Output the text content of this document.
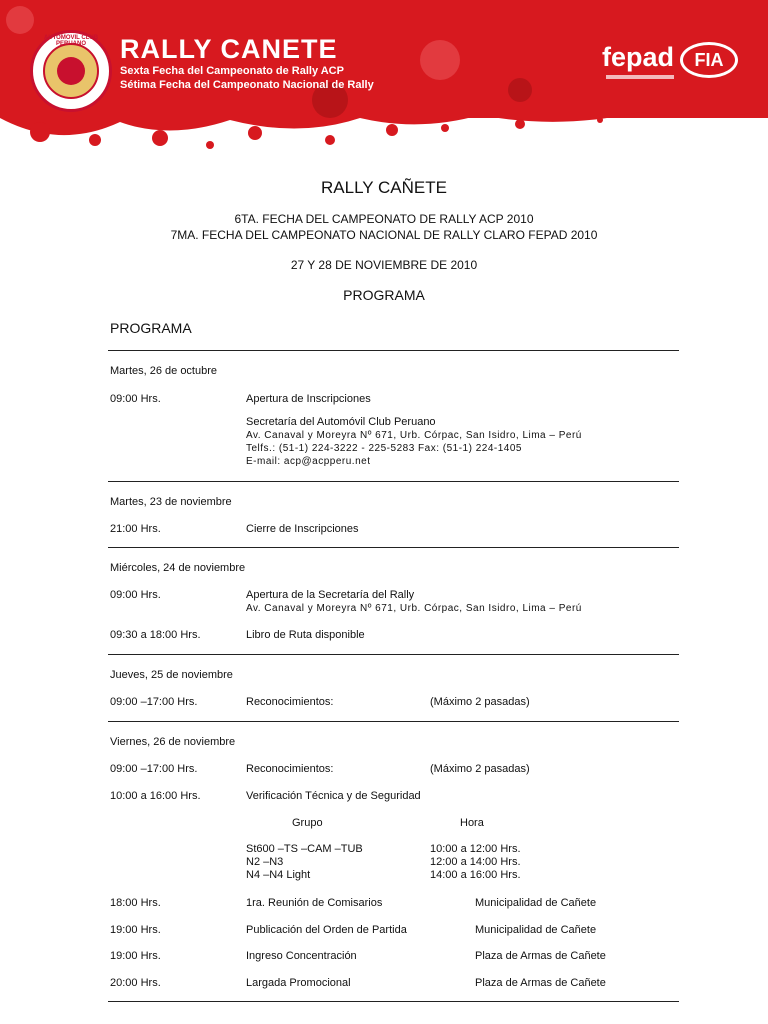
AUTOMOVIL CLUB PERUANO	RALLY CANETE
Sexta Fecha del Campeonato de Rally ACP
Sétima Fecha del Campeonato Nacional de Rally
fepad	FIA
RALLY CAÑETE
6TA. FECHA DEL CAMPEONATO DE RALLY ACP 2010
7MA. FECHA DEL CAMPEONATO NACIONAL DE RALLY CLARO FEPAD 2010
27 Y 28 DE NOVIEMBRE DE 2010
PROGRAMA
PROGRAMA
Martes, 26 de octubre
09:00 Hrs.	Apertura de Inscripciones
Secretaría del Automóvil Club Peruano
Av. Canaval y Moreyra Nº 671, Urb. Córpac, San Isidro, Lima – Perú
Telfs.: (51-1) 224-3222 - 225-5283 Fax: (51-1) 224-1405
E-mail: acp@acpperu.net
Martes, 23 de noviembre
21:00 Hrs.	Cierre de Inscripciones
Miércoles, 24 de noviembre
09:00 Hrs.	Apertura de la Secretaría del Rally
Av. Canaval y Moreyra Nº 671, Urb. Córpac, San Isidro, Lima – Perú
09:30 a 18:00 Hrs.	Libro de Ruta disponible
Jueves, 25 de noviembre
09:00 –17:00 Hrs.	Reconocimientos:	(Máximo 2 pasadas)
Viernes, 26 de noviembre
09:00 –17:00 Hrs.	Reconocimientos:	(Máximo 2 pasadas)
10:00 a 16:00 Hrs.	Verificación Técnica y de Seguridad
Grupo	Hora
St600 –TS –CAM –TUB	10:00 a 12:00 Hrs.
N2 –N3	12:00 a 14:00 Hrs.
N4 –N4 Light	14:00 a 16:00 Hrs.
18:00 Hrs.	1ra. Reunión de Comisarios	Municipalidad de Cañete
19:00 Hrs.	Publicación del Orden de Partida	Municipalidad de Cañete
19:00 Hrs.	Ingreso Concentración	Plaza de Armas de Cañete
20:00 Hrs.	Largada Promocional	Plaza de Armas de Cañete
